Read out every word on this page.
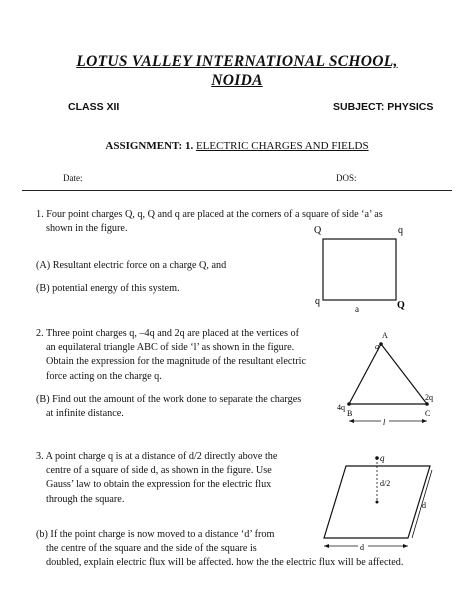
LOTUS VALLEY INTERNATIONAL SCHOOL,
NOIDA
CLASS XII	SUBJECT: PHYSICS
ASSIGNMENT: 1. ELECTRIC CHARGES AND FIELDS
Date:	DOS:
1. Four point charges Q, q, Q and q are placed at the corners of a square of side ‘a’ as
shown in the figure.
(A) Resultant electric force on a charge Q, and
(B) potential energy of this system.
Q	q
q	Q
a
2. Three point charges q, –4q and 2q are placed at the vertices of
an equilateral triangle ABC of side ‘l’ as shown in the figure.
Obtain the expression for the magnitude of the resultant electric
force acting on the charge q.
(B) Find out the amount of the work done to separate the charges
at infinite distance.
A
q
4q
B
2q
C
l
3. A point charge q is at a distance of d/2 directly above the
centre of a square of side d, as shown in the figure. Use
Gauss’ law to obtain the expression for the electric flux
through the square.
(b) If the point charge is now moved to a distance ‘d’ from
the centre of the square and the side of the square is
doubled, explain electric flux will be affected. how the the electric flux will be affected.
q
d/2
d
d
